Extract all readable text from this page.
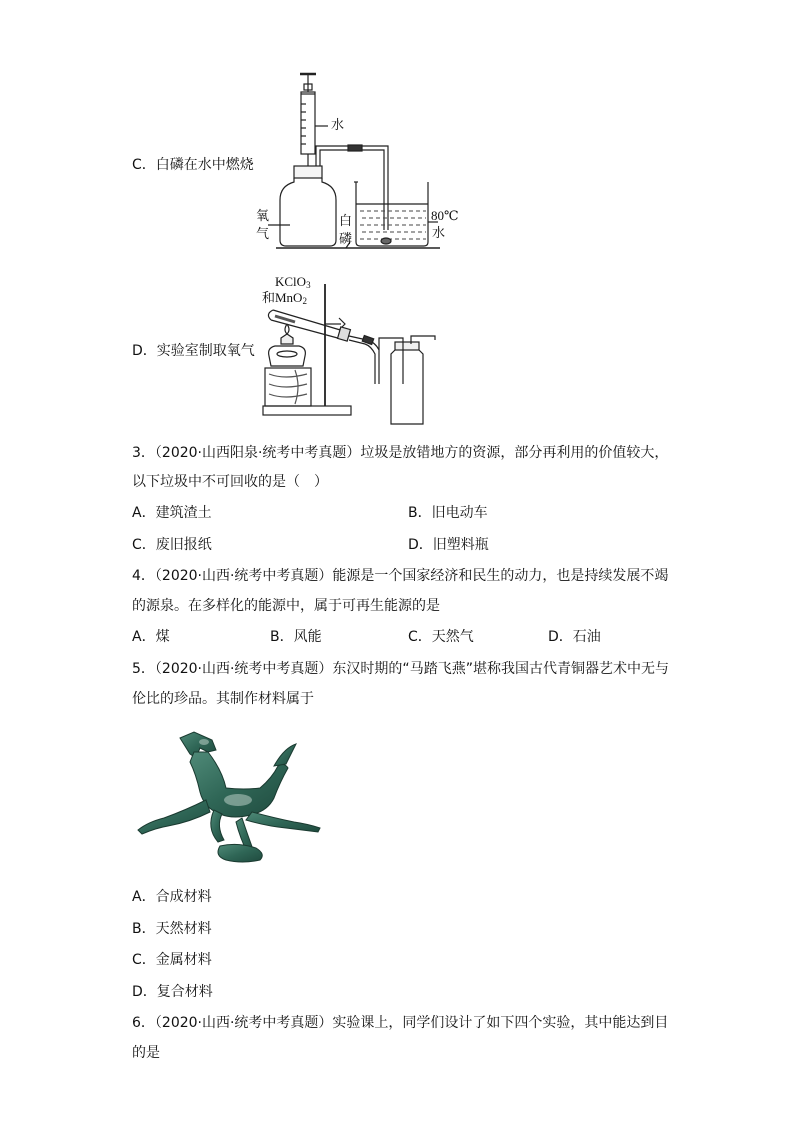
C．白磷在水中燃烧
水
氧
气
白
磷
80℃
水
D．实验室制取氧气
KClO$_3$
和MnO$_2$
3．（2020·山西阳泉·统考中考真题）垃圾是放错地方的资源，部分再利用的价值较大，
以下垃圾中不可回收的是（　）
A．建筑渣土	B．旧电动车
C．废旧报纸	D．旧塑料瓶
4．（2020·山西·统考中考真题）能源是一个国家经济和民生的动力，也是持续发展不竭
的源泉。在多样化的能源中，属于可再生能源的是
A．煤	B．风能	C．天然气	D．石油
5．（2020·山西·统考中考真题）东汉时期的“马踏飞燕”堪称我国古代青铜器艺术中无与
伦比的珍品。其制作材料属于
A．合成材料
B．天然材料
C．金属材料
D．复合材料
6．（2020·山西·统考中考真题）实验课上，同学们设计了如下四个实验，其中能达到目
的是
